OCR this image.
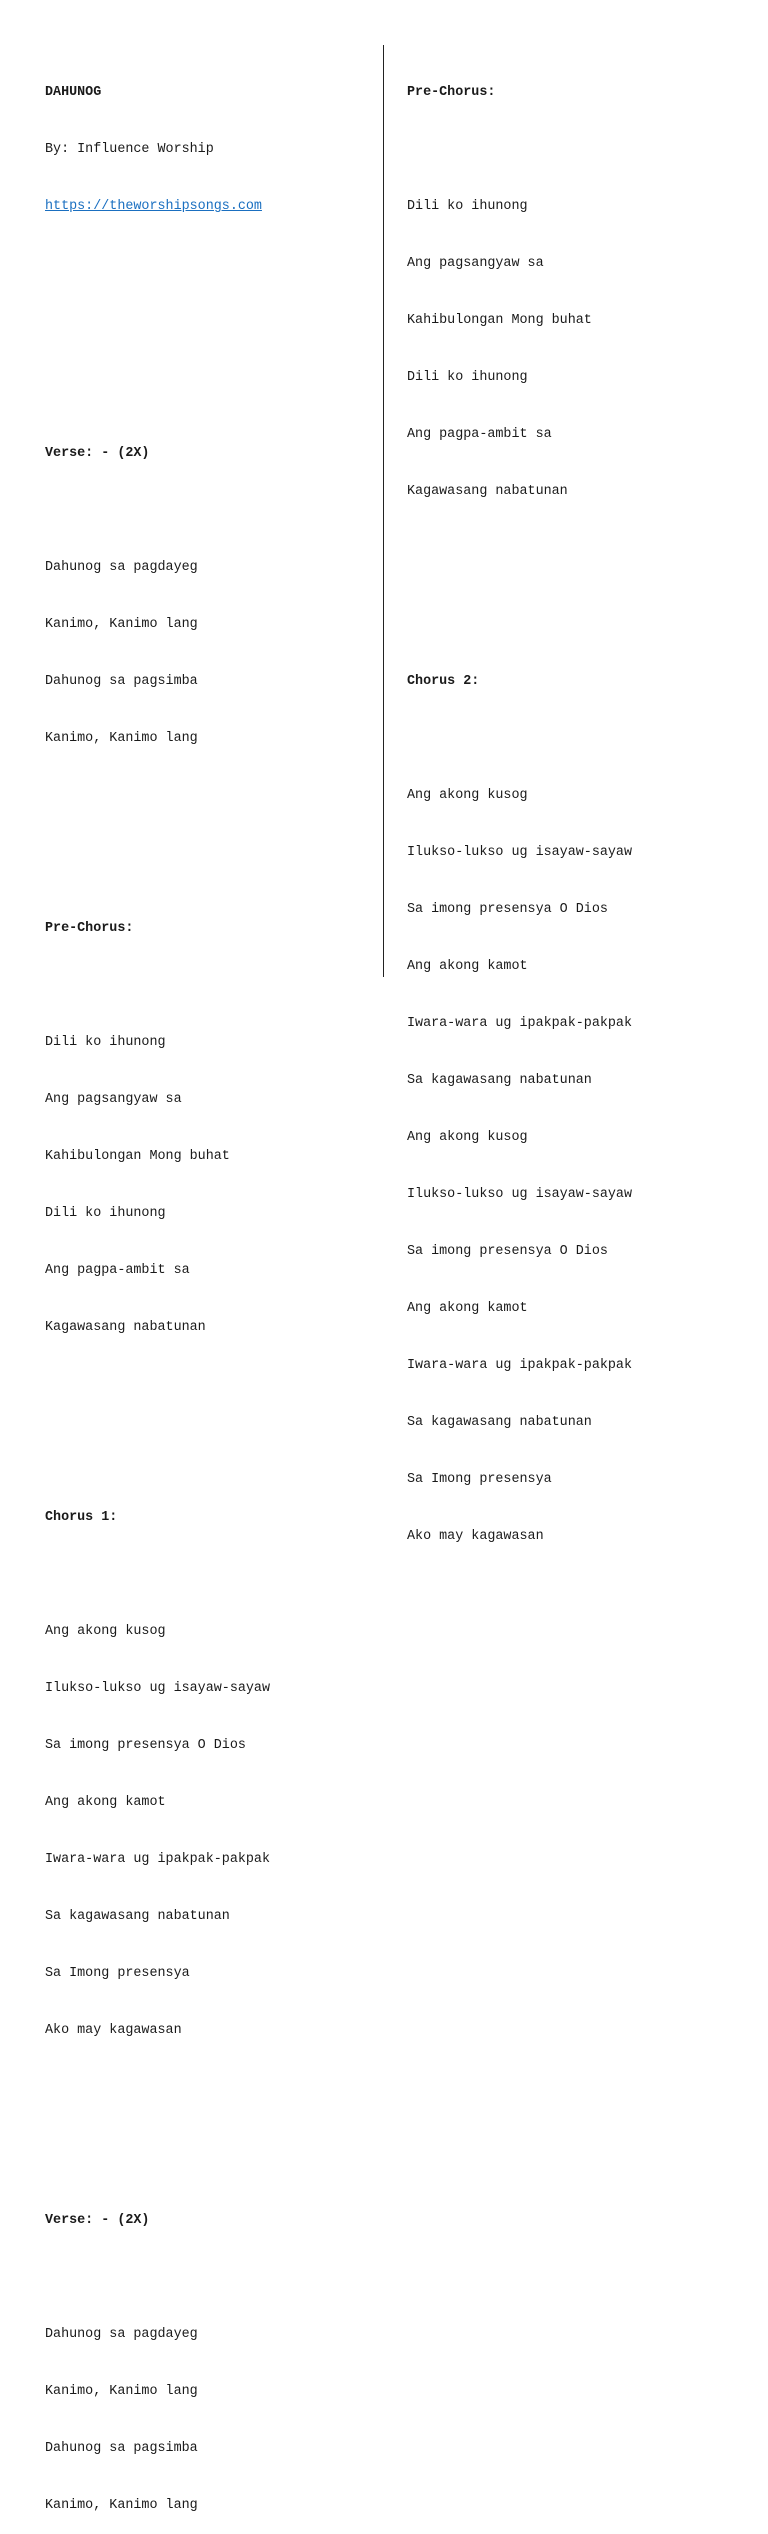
DAHUNOG

By: Influence Worship

https://theworshipsongs.com

Verse: - (2X)

Dahunog sa pagdayeg

Kanimo, Kanimo lang

Dahunog sa pagsimba

Kanimo, Kanimo lang

Pre-Chorus:

Dili ko ihunong

Ang pagsangyaw sa

Kahibulongan Mong buhat

Dili ko ihunong

Ang pagpa-ambit sa

Kagawasang nabatunan

Chorus 1:

Ang akong kusog

Ilukso-lukso ug isayaw-sayaw

Sa imong presensya O Dios

Ang akong kamot

Iwara-wara ug ipakpak-pakpak

Sa kagawasang nabatunan

Sa Imong presensya

Ako may kagawasan

Verse: - (2X)

Dahunog sa pagdayeg

Kanimo, Kanimo lang

Dahunog sa pagsimba

Kanimo, Kanimo lang

Pre-Chorus:

Dili ko ihunong

Ang pagsangyaw sa

Kahibulongan Mong buhat

Dili ko ihunong

Ang pagpa-ambit sa

Kagawasang nabatunan

Chorus 2:

Ang akong kusog

Ilukso-lukso ug isayaw-sayaw

Sa imong presensya O Dios

Ang akong kamot

Iwara-wara ug ipakpak-pakpak

Sa kagawasang nabatunan

Ang akong kusog

Ilukso-lukso ug isayaw-sayaw

Sa imong presensya O Dios

Ang akong kamot

Iwara-wara ug ipakpak-pakpak

Sa kagawasang nabatunan

Sa Imong presensya

Ako may kagawasan
